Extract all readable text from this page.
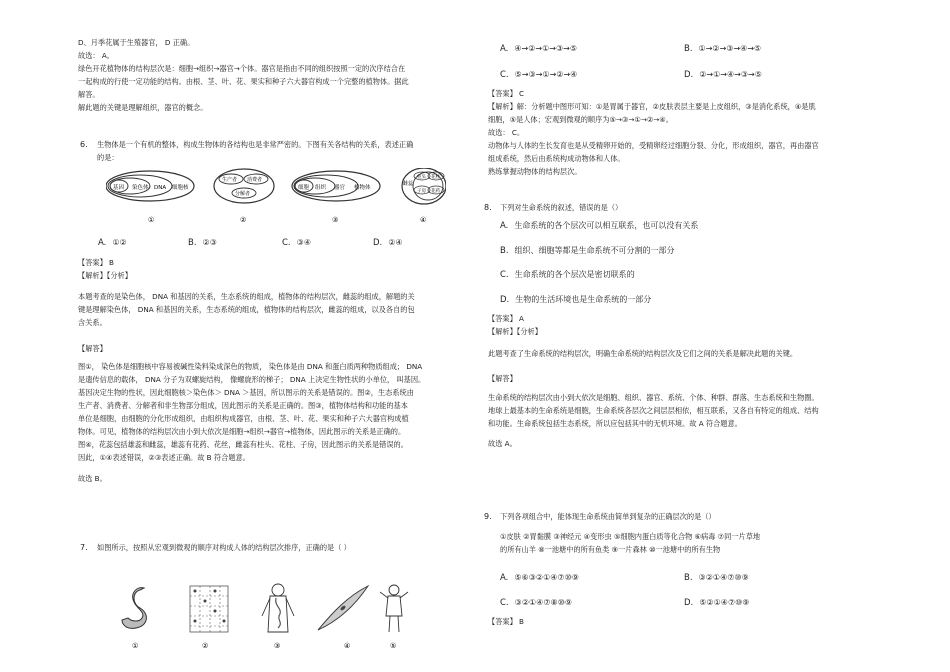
D、月季花属于生殖器官， D 正确。
故选： A。
绿色开花植物体的结构层次是：细胞→组织→器官→个体。器官是指由不同的组织按照一定的次序结合在
一起构成的行使一定功能的结构。由根、茎、叶、花、果实和种子六大器官构成一个完整的植物体。据此
解答。
解此题的关键是理解组织，器官的概念。
6. 生物体是一个有机的整体，构成生物体的各结构也是非常严密的。下图有关各结构的关系，表述正确
的是：
基因 染色体 DNA 细胞核
①
生产者 消费者
分解者
②
细胞 组织 器官 植物体
③
雌蕊
柱头 花柱
子房 花药
④
A. ①②	B. ②③	C. ③④	D. ②④
【答案】 B
【解析】【分析】
本题考查的是染色体， DNA 和基因的关系，生态系统的组成，植物体的结构层次，雌蕊的组成，解题的关
键是理解染色体， DNA 和基因的关系，生态系统的组成，植物体的结构层次，雌蕊的组成，以及各自的包
含关系。
【解答】
图①， 染色体是细胞核中容易被碱性染料染成深色的物质， 染色体是由 DNA 和蛋白质两种物质组成； DNA
是遗传信息的载体， DNA 分子为双螺旋结构， 像螺旋形的梯子； DNA 上决定生物性状的小单位， 叫基因。
基因决定生物的性状，因此细胞核＞染色体＞ DNA ＞基因，所以图示的关系是错误的。图②，生态系统由
生产者、消费者、分解者和非生物部分组成，因此图示的关系是正确的。图③，植物体结构和功能的基本
单位是细胞，由细胞的分化形成组织，由组织构成器官，由根、茎、叶、花、果实和种子六大器官构成植
物体。可见，植物体的结构层次由小到大依次是细胞→组织→器官→植物体，因此图示的关系是正确的。
图④，花蕊包括雄蕊和雌蕊，雄蕊有花药、花丝，雌蕊有柱头、花柱、子房，因此图示的关系是错误的。
因此，①④表述错误，②③表述正确。故 B 符合题意。
故选 B。
7. 如图所示，按照从宏观到微观的顺序对构成人体的结构层次排序，正确的是（ ）
①	②	③	④	⑤
A. ④→②→①→③→⑤	B. ①→②→③→④→⑤
C. ⑤→③→①→②→④	D. ②→①→④→③→⑤
【答案】 C
【解析】解：分析题中图形可知：①是胃属于器官，②皮肤表层主要是上皮组织，③是消化系统，④是肌
细胞，⑤是人体；宏观到微观的顺序为⑤→③→①→②→④。
故选： C。
动物体与人体的生长发育也是从受精卵开始的，受精卵经过细胞分裂、分化，形成组织，器官，再由器官
组成系统，然后由系统构成动物体和人体。
熟练掌握动物体的结构层次。
8. 下列对生命系统的叙述，错误的是（）
A. 生命系统的各个层次可以相互联系，也可以没有关系
B. 组织、细胞等都是生命系统不可分割的一部分
C. 生命系统的各个层次是密切联系的
D. 生物的生活环境也是生命系统的一部分
【答案】 A
【解析】【分析】
此题考查了生命系统的结构层次，明确生命系统的结构层次及它们之间的关系是解决此题的关键。
【解答】
生命系统的结构层次由小到大依次是细胞、组织、器官、系统、个体、种群、群落、生态系统和生物圈。
地球上最基本的生命系统是细胞，生命系统各层次之间层层相依，相互联系，又各自有特定的组成、结构
和功能。生命系统包括生态系统，所以应包括其中的无机环境。故 A 符合题意。
故选 A。
9. 下列各项组合中，能体现生命系统由简单到复杂的正确层次的是（）
①皮肤 ②胃黏膜 ③神经元 ④变形虫 ⑤细胞内蛋白质等化合物 ⑥病毒 ⑦同一片草地
的所有山羊 ⑧一池塘中的所有鱼类 ⑨一片森林 ⑩一池塘中的所有生物
A. ⑤⑥③②①④⑦⑩⑨	B. ③②①④⑦⑩⑨
C. ③②①④⑦⑧⑩⑨	D. ⑤②①④⑦⑩⑨
【答案】 B
